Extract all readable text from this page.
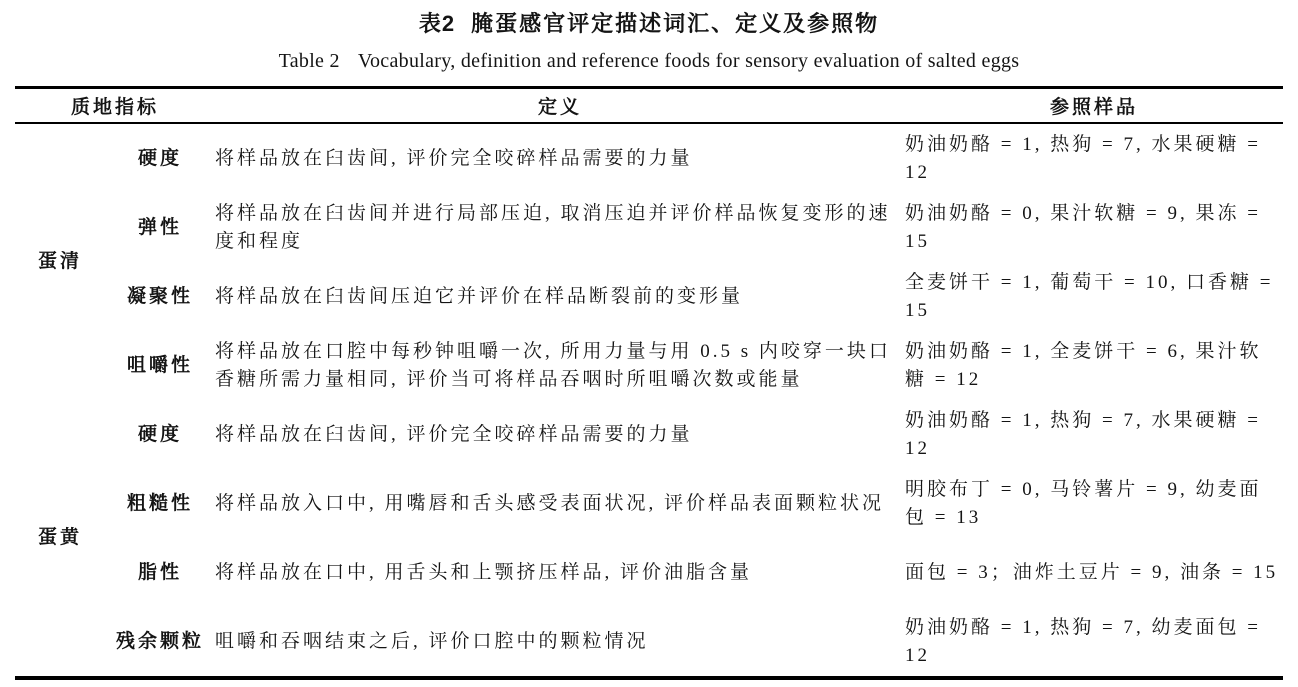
表2 腌蛋感官评定描述词汇、定义及参照物
Table 2 Vocabulary, definition and reference foods for sensory evaluation of salted eggs
质地指标		定义	参照样品
蛋清	硬度	将样品放在臼齿间, 评价完全咬碎样品需要的力量	奶油奶酪 = 1, 热狗 = 7, 水果硬糖 = 12
	弹性	将样品放在臼齿间并进行局部压迫, 取消压迫并评价样品恢复变形的速度和程度	奶油奶酪 = 0, 果汁软糖 = 9, 果冻 = 15
	凝聚性	将样品放在臼齿间压迫它并评价在样品断裂前的变形量	全麦饼干 = 1, 葡萄干 = 10, 口香糖 = 15
	咀嚼性	将样品放在口腔中每秒钟咀嚼一次, 所用力量与用 0.5 s 内咬穿一块口香糖所需力量相同, 评价当可将样品吞咽时所咀嚼次数或能量	奶油奶酪 = 1, 全麦饼干 = 6, 果汁软糖 = 12
蛋黄	硬度	将样品放在臼齿间, 评价完全咬碎样品需要的力量	奶油奶酪 = 1, 热狗 = 7, 水果硬糖 = 12
	粗糙性	将样品放入口中, 用嘴唇和舌头感受表面状况, 评价样品表面颗粒状况	明胶布丁 = 0, 马铃薯片 = 9, 幼麦面包 = 13
	脂性	将样品放在口中, 用舌头和上颚挤压样品, 评价油脂含量	面包 = 3；油炸土豆片 = 9, 油条 = 15
	残余颗粒	咀嚼和吞咽结束之后, 评价口腔中的颗粒情况	奶油奶酪 = 1, 热狗 = 7, 幼麦面包 = 12
